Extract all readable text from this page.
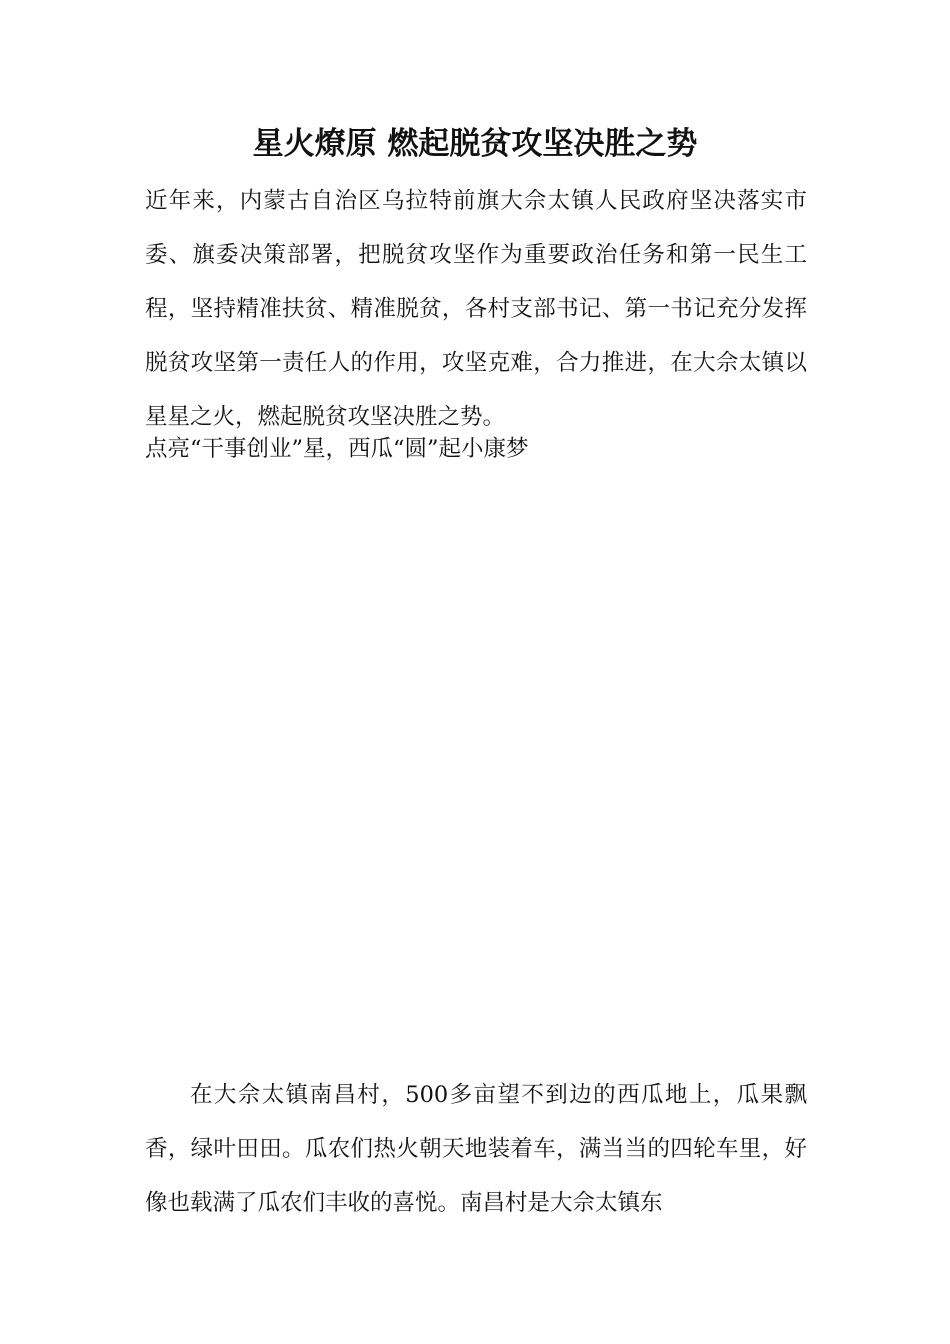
星火燎原 燃起脱贫攻坚决胜之势
近年来，内蒙古自治区乌拉特前旗大佘太镇人民政府坚决落实市委、旗委决策部署，把脱贫攻坚作为重要政治任务和第一民生工程，坚持精准扶贫、精准脱贫，各村支部书记、第一书记充分发挥脱贫攻坚第一责任人的作用，攻坚克难，合力推进，在大佘太镇以星星之火，燃起脱贫攻坚决胜之势。
点亮“干事创业”星，西瓜“圆”起小康梦
在大佘太镇南昌村，500多亩望不到边的西瓜地上，瓜果飘香，绿叶田田。瓜农们热火朝天地装着车，满当当的四轮车里，好像也载满了瓜农们丰收的喜悦。南昌村是大佘太镇东
